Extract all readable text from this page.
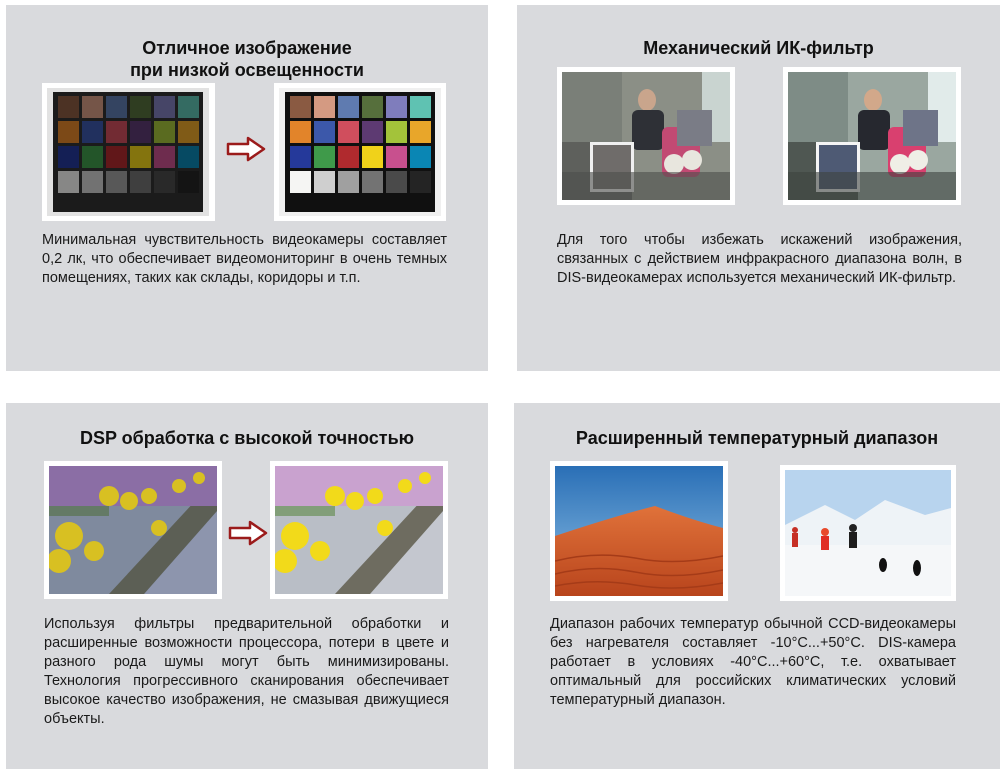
Отличное изображение
при низкой освещенности

Минимальная чувствительность видеокамеры составляет 0,2 лк, что обеспечивает видеомониторинг в очень темных помещениях, таких как склады, коридоры и т.п.

Механический ИК-фильтр

Для того чтобы избежать искажений изображения, связанных с действием инфракрасного диапазона волн, в DIS-видеокамерах используется механический ИК-фильтр.

DSP обработка с высокой точностью

Используя фильтры предварительной обработки и расширенные возможности процессора, потери в цвете и разного рода шумы могут быть минимизированы. Технология прогрессивного сканирования обеспечивает высокое качество изображения, не смазывая движущиеся объекты.

Расширенный температурный диапазон

Диапазон рабочих температур обычной CCD-видеокамеры без нагревателя составляет -10°C...+50°C. DIS-камера работает в условиях -40°C...+60°C, т.е. охватывает оптимальный для российских климатических условий температурный диапазон.
